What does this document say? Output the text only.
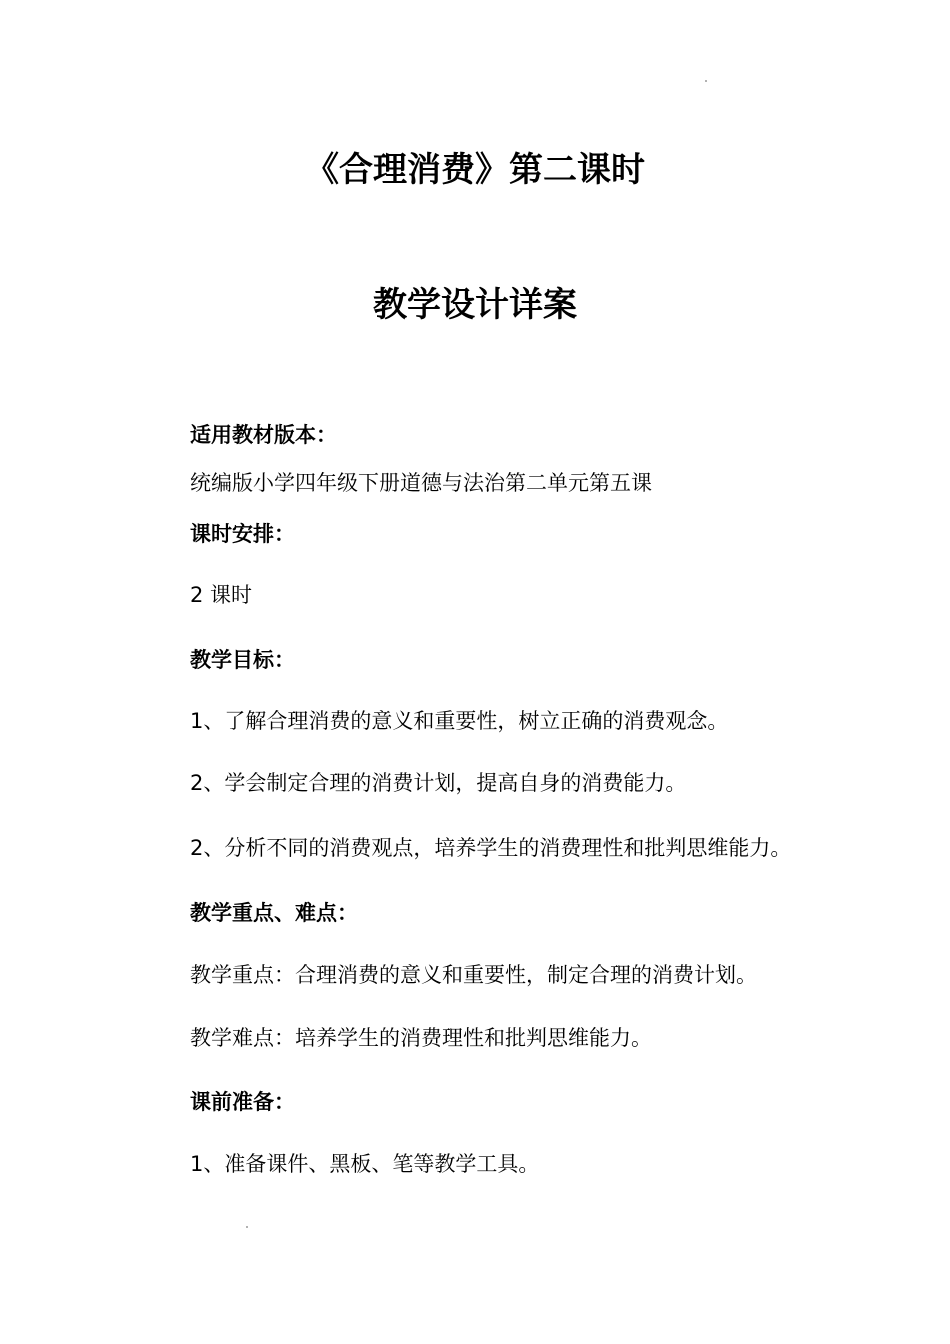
《合理消费》第二课时
教学设计详案

适用教材版本：

统编版小学四年级下册道德与法治第二单元第五课

课时安排：

2 课时

教学目标：

1、了解合理消费的意义和重要性，树立正确的消费观念。

2、学会制定合理的消费计划，提高自身的消费能力。

2、分析不同的消费观点，培养学生的消费理性和批判思维能力。

教学重点、难点：

教学重点：合理消费的意义和重要性，制定合理的消费计划。

教学难点：培养学生的消费理性和批判思维能力。

课前准备：

1、准备课件、黑板、笔等教学工具。
